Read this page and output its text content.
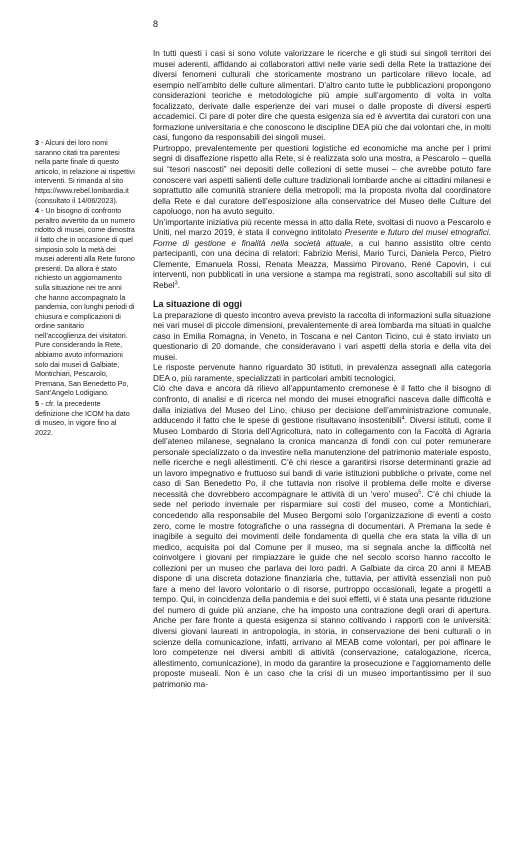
8

3 - Alcuni dei loro nomi saranno citati tra parentesi nella parte finale di questo articolo, in relazione ai rispettivi interventi. Si rimanda al sito https://www.rebel.lombardia.it (consultato il 14/06/2023).

4 - Un bisogno di confronto peraltro avvertito da un numero ridotto di musei, come dimostra il fatto che in occasione di quel simposio solo la metà dei musei aderenti alla Rete furono presenti. Da allora è stato richiesto un aggiornamento sulla situazione nei tre anni che hanno accompagnato la pandemia, con lunghi periodi di chiusura e complicazioni di ordine sanitario nell’accoglienza dei visitatori. Pure considerando la Rete, abbiamo avuto informazioni solo dai musei di Galbiate, Montichiari, Pescarolo, Premana, San Benedetto Po, Sant’Angelo Lodigiano.

5 - cfr. la precedente definizione che ICOM ha dato di museo, in vigore fino al 2022.

In tutti questi i casi si sono volute valorizzare le ricerche e gli studi sui singoli territori dei musei aderenti, affidando ai collaboratori attivi nelle varie sedi della Rete la trattazione dei diversi fenomeni culturali che storicamente mostrano un particolare rilievo locale, ad esempio nell’ambito delle culture alimentari. D’altro canto tutte le pubblicazioni propongono considerazioni teoriche e metodologiche più ampie sull’argomento di volta in volta focalizzato, derivate dalle esperienze dei vari musei o dalle proposte di diversi esperti accademici. Ci pare di poter dire che questa esigenza sia ed è avvertita dai curatori con una formazione universitaria e che conoscono le discipline DEA più che dai volontari che, in molti casi, fungono da responsabili dei singoli musei.

Purtroppo, prevalentemente per questioni logistiche ed economiche ma anche per i primi segni di disaffezione rispetto alla Rete, si è realizzata solo una mostra, a Pescarolo – quella sui “tesori nascosti” nei depositi delle collezioni di sette musei – che avrebbe potuto fare conoscere vari aspetti salienti delle culture tradizionali lombarde anche ai cittadini milanesi e soprattutto alle comunità straniere della metropoli; ma la proposta rivolta dal coordinatore della Rete e dal curatore dell’esposizione alla conservatrice del Museo delle Culture del capoluogo, non ha avuto seguito.

Un’importante iniziativa più recente messa in atto dalla Rete, svoltasi di nuovo a Pescarolo e Uniti, nel marzo 2019, è stata il convegno intitolato Presente e futuro dei musei etnografici. Forme di gestione e finalità nella società attuale, a cui hanno assistito oltre cento partecipanti, con una decina di relatori: Fabrizio Merisi, Mario Turci, Daniela Perco, Pietro Clemente, Emanuela Rossi, Renata Meazza, Massimo Pirovano, René Capovin, i cui interventi, non pubblicati in una versione a stampa ma registrati, sono ascoltabili sul sito di Rebel$^3$.

La situazione di oggi

La preparazione di questo incontro aveva previsto la raccolta di informazioni sulla situazione nei vari musei di piccole dimensioni, prevalentemente di area lombarda ma situati in qualche caso in Emilia Romagna, in Veneto, in Toscana e nel Canton Ticino, cui è stato inviato un questionario di 20 domande, che consideravano i vari aspetti della storia e della vita dei musei.

Le risposte pervenute hanno riguardato 30 istituti, in prevalenza assegnati alla categoria DEA o, più raramente, specializzati in particolari ambiti tecnologici.

Ciò che dava e ancora dà rilievo all’appuntamento cremonese è il fatto che il bisogno di confronto, di analisi e di ricerca nel mondo dei musei etnografici nasceva dalle difficoltà e dalla iniziativa del Museo del Lino, chiuso per decisione dell’amministrazione comunale, adducendo il fatto che le spese di gestione risultavano insostenibili$^4$. Diversi istituti, come il Museo Lombardo di Storia dell’Agricoltura, nato in collegamento con la Facoltà di Agraria dell’ateneo milanese, segnalano la cronica mancanza di fondi con cui poter remunerare personale specializzato o da investire nella manutenzione del patrimonio materiale esposto, nelle ricerche e negli allestimenti. C’è chi riesce a garantirsi risorse determinanti grazie ad un lavoro impegnativo e fruttuoso sui bandi di varie istituzioni pubbliche o private, come nel caso di San Benedetto Po, il che tuttavia non risolve il problema delle molte e diverse necessità che dovrebbero accompagnare le attività di un ‘vero’ museo$^5$. C’è chi chiude la sede nel periodo invernale per risparmiare sui costi del museo, come a Montichiari, concedendo alla responsabile del Museo Bergomi solo l’organizzazione di eventi a costo zero, come le mostre fotografiche o una rassegna di documentari. A Premana la sede è inagibile a seguito dei movimenti delle fondamenta di quella che era stata la villa di un medico, acquisita poi dal Comune per il museo, ma si segnala anche la difficoltà nel coinvolgere i giovani per rimpiazzare le guide che nel secolo scorso hanno raccolto le collezioni per un museo che parlava dei loro padri. A Galbiate da circa 20 anni il MEAB dispone di una discreta dotazione finanziaria che, tuttavia, per attività essenziali non può fare a meno del lavoro volontario o di risorse, purtroppo occasionali, legate a progetti a tempo. Qui, in coincidenza della pandemia e dei suoi effetti, vi è stata una pesante riduzione del numero di guide più anziane, che ha imposto una contrazione degli orari di apertura. Anche per fare fronte a questa esigenza si stanno coltivando i rapporti con le università: diversi giovani laureati in antropologia, in storia, in conservazione dei beni culturali o in scienze della comunicazione, infatti, arrivano al MEAB come volontari, per poi affinare le loro competenze nei diversi ambiti di attività (conservazione, catalogazione, ricerca, allestimento, comunicazione), in modo da garantire la prosecuzione e l’aggiornamento delle proposte museali. Non è un caso che la crisi di un museo importantissimo per il suo patrimonio ma-
